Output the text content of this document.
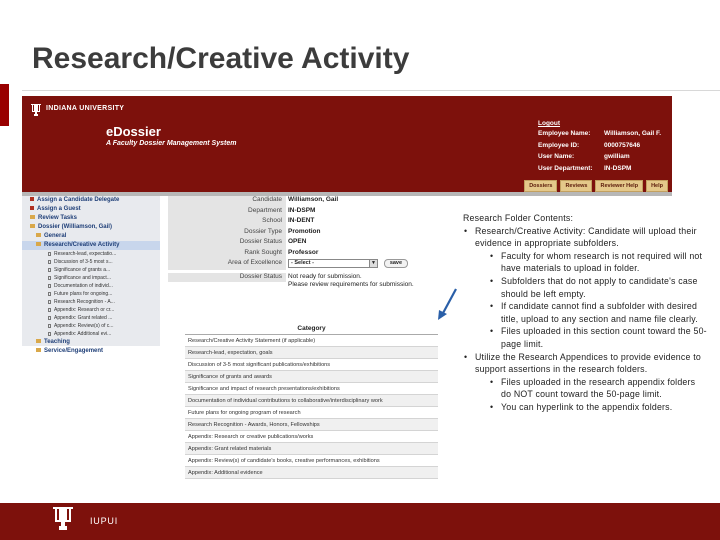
Research/Creative Activity
INDIANA UNIVERSITY
eDossier
A Faculty Dossier Management System
Logout
Employee Name:	Williamson, Gail F.
Employee ID:	0000757646
User Name:	gwilliam
User Department:	IN-DSPM
Dossiers	Reviews	Reviewer Help	Help
Assign a Candidate Delegate
Assign a Guest
Review Tasks
Dossier (Williamson, Gail)
General
Research/Creative Activity
Research-lead, expectatio...
Discussion of 3-5 most s...
Significance of grants a...
Significance and impact...
Documentation of individ...
Future plans for ongoing...
Research Recognition - A...
Appendix: Research or cr...
Appendix: Grant related ...
Appendix: Review(s) of c...
Appendix: Additional evi...
Teaching
Service/Engagement
Candidate Williamson, Gail
Department IN-DSPM
School IN-DENT
Dossier Type Promotion
Dossier Status OPEN
Rank Sought Professor
Area of Excellence	- Select -	▼	save
Dossier Status Not ready for submission.
Please review requirements for submission.
Category
Research/Creative Activity Statement (if applicable)
Research-lead, expectation, goals
Discussion of 3-5 most significant publications/exhibitions
Significance of grants and awards
Significance and impact of research presentations/exhibitions
Documentation of individual contributions to collaborative/interdisciplinary work
Future plans for ongoing program of research
Research Recognition - Awards, Honors, Fellowships
Appendix: Research or creative publications/works
Appendix: Grant related materials
Appendix: Review(s) of candidate's books, creative performances, exhibitions
Appendix: Additional evidence
Research Folder Contents:
• Research/Creative Activity: Candidate will upload their evidence in appropriate subfolders.
• Faculty for whom research is not required will not have materials to upload in folder.
• Subfolders that do not apply to candidate's case should be left empty.
• If candidate cannot find a subfolder with desired title, upload to any section and name file clearly.
• Files uploaded in this section count toward the 50-page limit.
• Utilize the Research Appendices to provide evidence to support assertions in the research folders.
• Files uploaded in the research appendix folders do NOT count toward the 50-page limit.
• You can hyperlink to the appendix folders.
IUPUI
